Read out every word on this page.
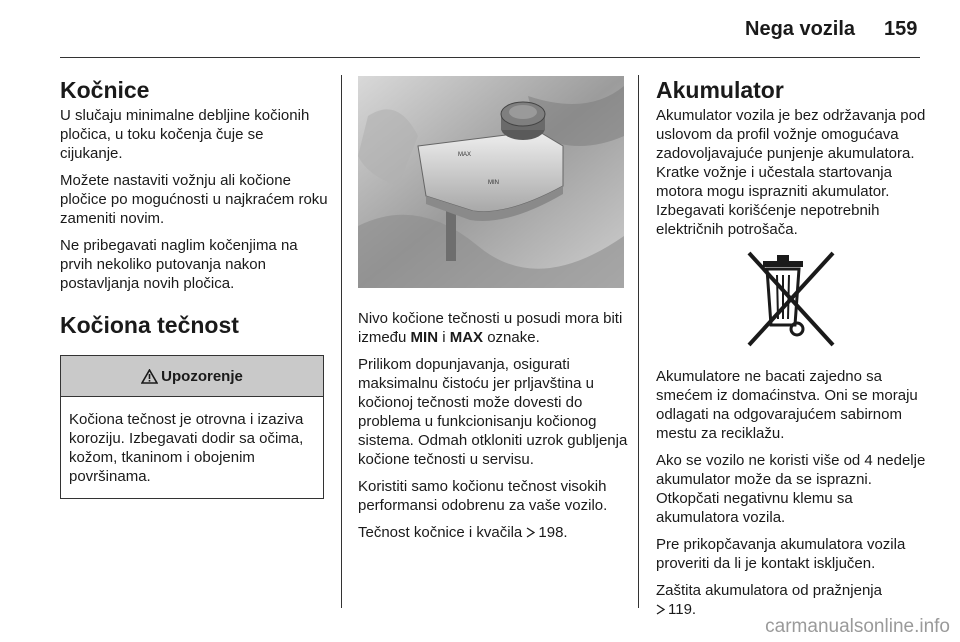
Nega vozila 159
Kočnice

U slučaju minimalne debljine kočionih pločica, u toku kočenja čuje se cijukanje.

Možete nastaviti vožnju ali kočione pločice po mogućnosti u najkraćem roku zameniti novim.

Ne pribegavati naglim kočenjima na prvih nekoliko putovanja nakon postavljanja novih pločica.

Kočiona tečnost
Upozorenje
Kočiona tečnost je otrovna i izaziva koroziju. Izbegavati dodir sa očima, kožom, tkaninom i obojenim površinama.
MAX
MIN

Nivo kočione tečnosti u posudi mora biti između MIN i MAX oznake.

Prilikom dopunjavanja, osigurati maksimalnu čistoću jer prljavština u kočionoj tečnosti može dovesti do problema u funkcionisanju kočionog sistema. Odmah otkloniti uzrok gubljenja kočione tečnosti u servisu.

Koristiti samo kočionu tečnost visokih performansi odobrenu za vaše vozilo.

Tečnost kočnice i kvačila 198.

Akumulator

Akumulator vozila je bez održavanja pod uslovom da profil vožnje omogućava zadovoljavajuće punjenje akumulatora. Kratke vožnje i učestala startovanja motora mogu isprazniti akumulator. Izbegavati korišćenje nepotrebnih električnih potrošača.

Akumulatore ne bacati zajedno sa smećem iz domaćinstva. Oni se moraju odlagati na odgovarajućem sabirnom mestu za reciklažu.

Ako se vozilo ne koristi više od 4 nedelje akumulator može da se isprazni. Otkopčati negativnu klemu sa akumulatora vozila.

Pre prikopčavanja akumulatora vozila proveriti da li je kontakt isključen.

Zaštita akumulatora od pražnjenja
119.

carmanualsonline.info
